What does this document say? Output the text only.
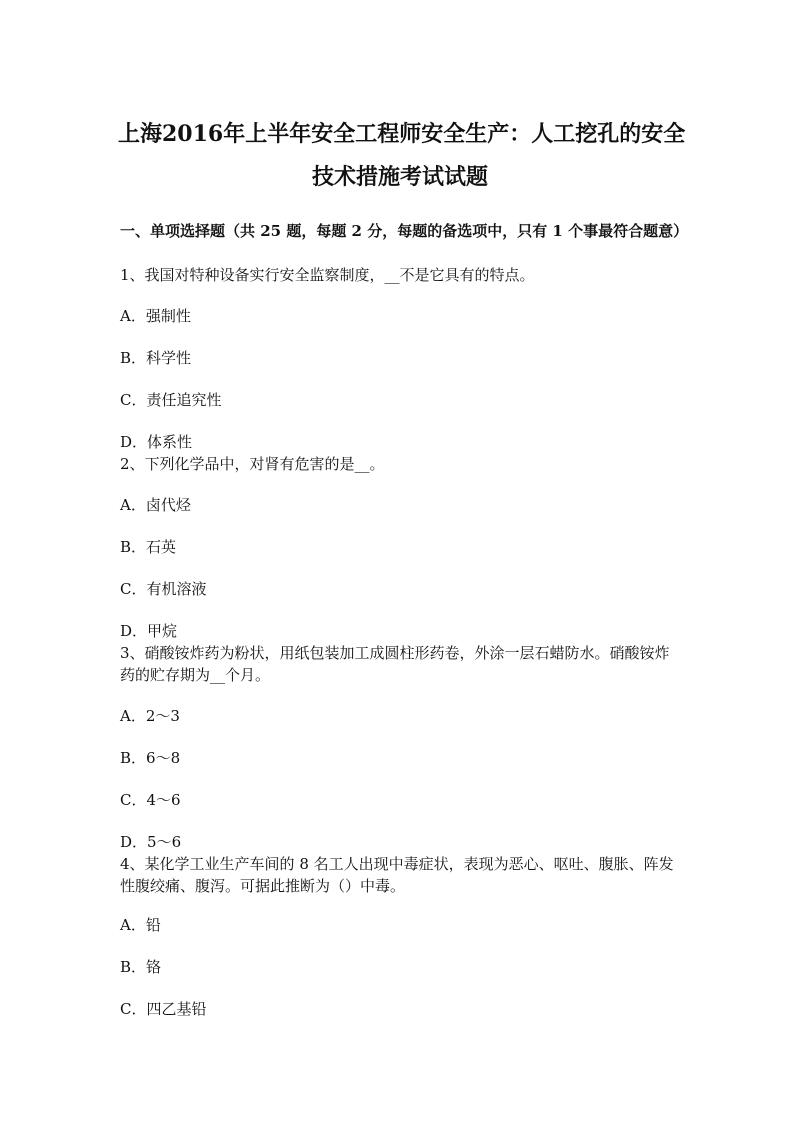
上海2016年上半年安全工程师安全生产：人工挖孔的安全
技术措施考试试题

一、单项选择题（共 25 题，每题 2 分，每题的备选项中，只有 1 个事最符合题意）

1、我国对特种设备实行安全监察制度，__不是它具有的特点。

A．强制性

B．科学性

C．责任追究性

D．体系性

2、下列化学品中，对肾有危害的是__。

A．卤代烃

B．石英

C．有机溶液

D．甲烷

3、硝酸铵炸药为粉状，用纸包装加工成圆柱形药卷，外涂一层石蜡防水。硝酸铵炸药的贮存期为__个月。

A．2～3

B．6～8

C．4～6

D．5～6

4、某化学工业生产车间的 8 名工人出现中毒症状，表现为恶心、呕吐、腹胀、阵发性腹绞痛、腹泻。可据此推断为（）中毒。

A．铅

B．铬

C．四乙基铅
